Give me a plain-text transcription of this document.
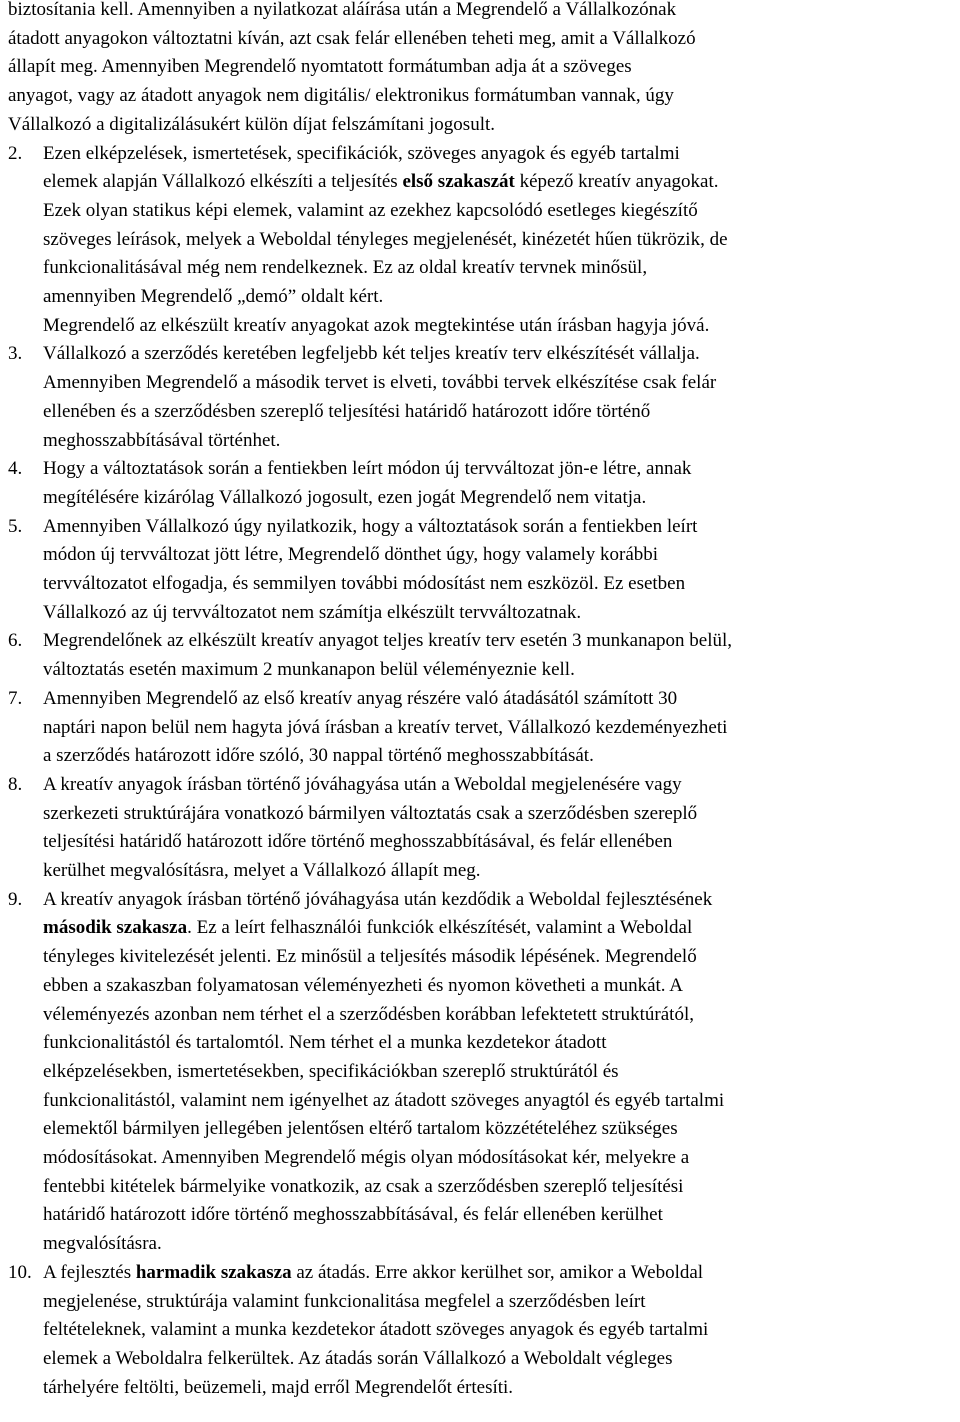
biztosítania kell. Amennyiben a nyilatkozat aláírása után a Megrendelő a Vállalkozónak
átadott anyagokon változtatni kíván, azt csak felár ellenében teheti meg, amit a Vállalkozó
állapít meg. Amennyiben Megrendelő nyomtatott formátumban adja át a szöveges
anyagot, vagy az átadott anyagok nem digitális/ elektronikus formátumban vannak, úgy
Vállalkozó a digitalizálásukért külön díjat felszámítani jogosult.
2.	Ezen elképzelések, ismertetések, specifikációk, szöveges anyagok és egyéb tartalmi
elemek alapján Vállalkozó elkészíti a teljesítés első szakaszát képező kreatív anyagokat.
Ezek olyan statikus képi elemek, valamint az ezekhez kapcsolódó esetleges kiegészítő
szöveges leírások, melyek a Weboldal tényleges megjelenését, kinézetét hűen tükrözik, de
funkcionalitásával még nem rendelkeznek. Ez az oldal kreatív tervnek minősül,
amennyiben Megrendelő „demó” oldalt kért.
Megrendelő az elkészült kreatív anyagokat azok megtekintése után írásban hagyja jóvá.
3.	Vállalkozó a szerződés keretében legfeljebb két teljes kreatív terv elkészítését vállalja.
Amennyiben Megrendelő a második tervet is elveti, további tervek elkészítése csak felár
ellenében és a szerződésben szereplő teljesítési határidő határozott időre történő
meghosszabbításával történhet.
4.	Hogy a változtatások során a fentiekben leírt módon új tervváltozat jön-e létre, annak
megítélésére kizárólag Vállalkozó jogosult, ezen jogát Megrendelő nem vitatja.
5.	Amennyiben Vállalkozó úgy nyilatkozik, hogy a változtatások során a fentiekben leírt
módon új tervváltozat jött létre, Megrendelő dönthet úgy, hogy valamely korábbi
tervváltozatot elfogadja, és semmilyen további módosítást nem eszközöl. Ez esetben
Vállalkozó az új tervváltozatot nem számítja elkészült tervváltozatnak.
6.	Megrendelőnek az elkészült kreatív anyagot teljes kreatív terv esetén 3 munkanapon belül,
változtatás esetén maximum 2 munkanapon belül véleményeznie kell.
7.	Amennyiben Megrendelő az első kreatív anyag részére való átadásától számított 30
naptári napon belül nem hagyta jóvá írásban a kreatív tervet, Vállalkozó kezdeményezheti
a szerződés határozott időre szóló, 30 nappal történő meghosszabbítását.
8.	A kreatív anyagok írásban történő jóváhagyása után a Weboldal megjelenésére vagy
szerkezeti struktúrájára vonatkozó bármilyen változtatás csak a szerződésben szereplő
teljesítési határidő határozott időre történő meghosszabbításával, és felár ellenében
kerülhet megvalósításra, melyet a Vállalkozó állapít meg.
9.	A kreatív anyagok írásban történő jóváhagyása után kezdődik a Weboldal fejlesztésének
második szakasza. Ez a leírt felhasználói funkciók elkészítését, valamint a Weboldal
tényleges kivitelezését jelenti. Ez minősül a teljesítés második lépésének. Megrendelő
ebben a szakaszban folyamatosan véleményezheti és nyomon követheti a munkát. A
véleményezés azonban nem térhet el a szerződésben korábban lefektetett struktúrától,
funkcionalitástól és tartalomtól. Nem térhet el a munka kezdetekor átadott
elképzelésekben, ismertetésekben, specifikációkban szereplő struktúrától és
funkcionalitástól, valamint nem igényelhet az átadott szöveges anyagtól és egyéb tartalmi
elemektől bármilyen jellegében jelentősen eltérő tartalom közzétételéhez szükséges
módosításokat. Amennyiben Megrendelő mégis olyan módosításokat kér, melyekre a
fentebbi kitételek bármelyike vonatkozik, az csak a szerződésben szereplő teljesítési
határidő határozott időre történő meghosszabbításával, és felár ellenében kerülhet
megvalósításra.
10. A fejlesztés harmadik szakasza az átadás. Erre akkor kerülhet sor, amikor a Weboldal
megjelenése, struktúrája valamint funkcionalitása megfelel a szerződésben leírt
feltételeknek, valamint a munka kezdetekor átadott szöveges anyagok és egyéb tartalmi
elemek a Weboldalra felkerültek. Az átadás során Vállalkozó a Weboldalt végleges
tárhelyére feltölti, beüzemeli, majd erről Megrendelőt értesíti.
